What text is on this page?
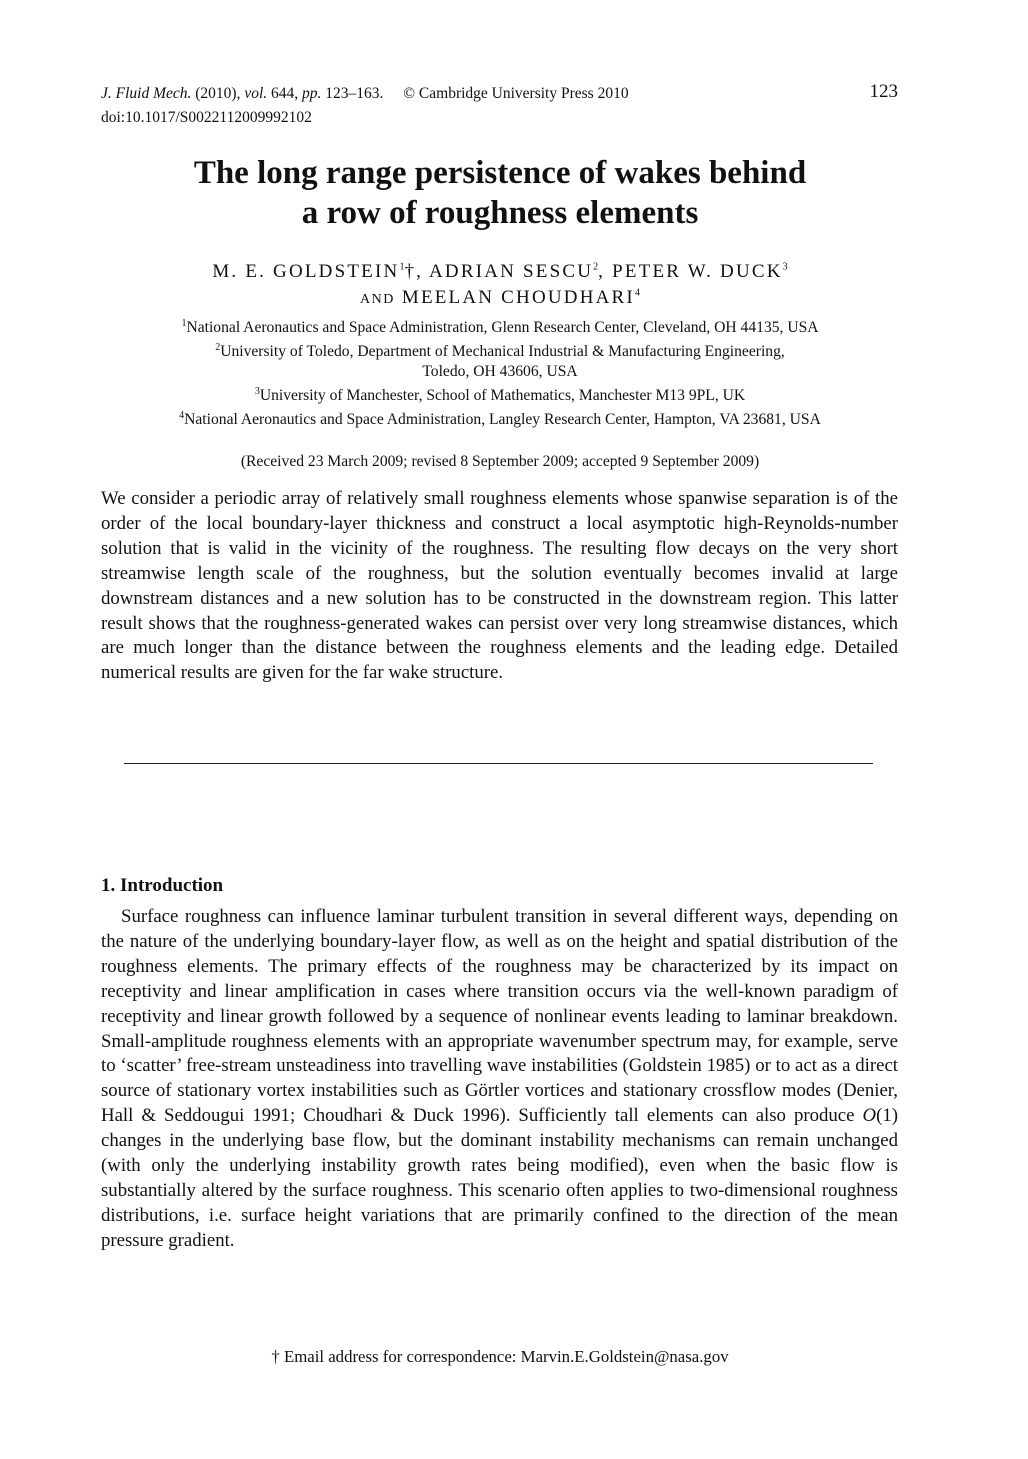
J. Fluid Mech. (2010), vol. 644, pp. 123–163. © Cambridge University Press 2010
doi:10.1017/S0022112009992102
123
The long range persistence of wakes behind
a row of roughness elements
M. E. GOLDSTEIN$^1$†, ADRIAN SESCU$^2$, PETER W. DUCK$^3$
AND MEELAN CHOUDHARI$^4$
$^1$National Aeronautics and Space Administration, Glenn Research Center, Cleveland, OH 44135, USA
$^2$University of Toledo, Department of Mechanical Industrial & Manufacturing Engineering,
Toledo, OH 43606, USA
$^3$University of Manchester, School of Mathematics, Manchester M13 9PL, UK
$^4$National Aeronautics and Space Administration, Langley Research Center, Hampton, VA 23681, USA
(Received 23 March 2009; revised 8 September 2009; accepted 9 September 2009)
We consider a periodic array of relatively small roughness elements whose spanwise separation is of the order of the local boundary-layer thickness and construct a local asymptotic high-Reynolds-number solution that is valid in the vicinity of the roughness. The resulting flow decays on the very short streamwise length scale of the roughness, but the solution eventually becomes invalid at large downstream distances and a new solution has to be constructed in the downstream region. This latter result shows that the roughness-generated wakes can persist over very long streamwise distances, which are much longer than the distance between the roughness elements and the leading edge. Detailed numerical results are given for the far wake structure.
1. Introduction
Surface roughness can influence laminar turbulent transition in several different ways, depending on the nature of the underlying boundary-layer flow, as well as on the height and spatial distribution of the roughness elements. The primary effects of the roughness may be characterized by its impact on receptivity and linear amplification in cases where transition occurs via the well-known paradigm of receptivity and linear growth followed by a sequence of nonlinear events leading to laminar breakdown. Small-amplitude roughness elements with an appropriate wavenumber spectrum may, for example, serve to ‘scatter’ free-stream unsteadiness into travelling wave instabilities (Goldstein 1985) or to act as a direct source of stationary vortex instabilities such as Görtler vortices and stationary crossflow modes (Denier, Hall & Seddougui 1991; Choudhari & Duck 1996). Sufficiently tall elements can also produce O(1) changes in the underlying base flow, but the dominant instability mechanisms can remain unchanged (with only the underlying instability growth rates being modified), even when the basic flow is substantially altered by the surface roughness. This scenario often applies to two-dimensional roughness distributions, i.e. surface height variations that are primarily confined to the direction of the mean pressure gradient.
† Email address for correspondence: Marvin.E.Goldstein@nasa.gov
